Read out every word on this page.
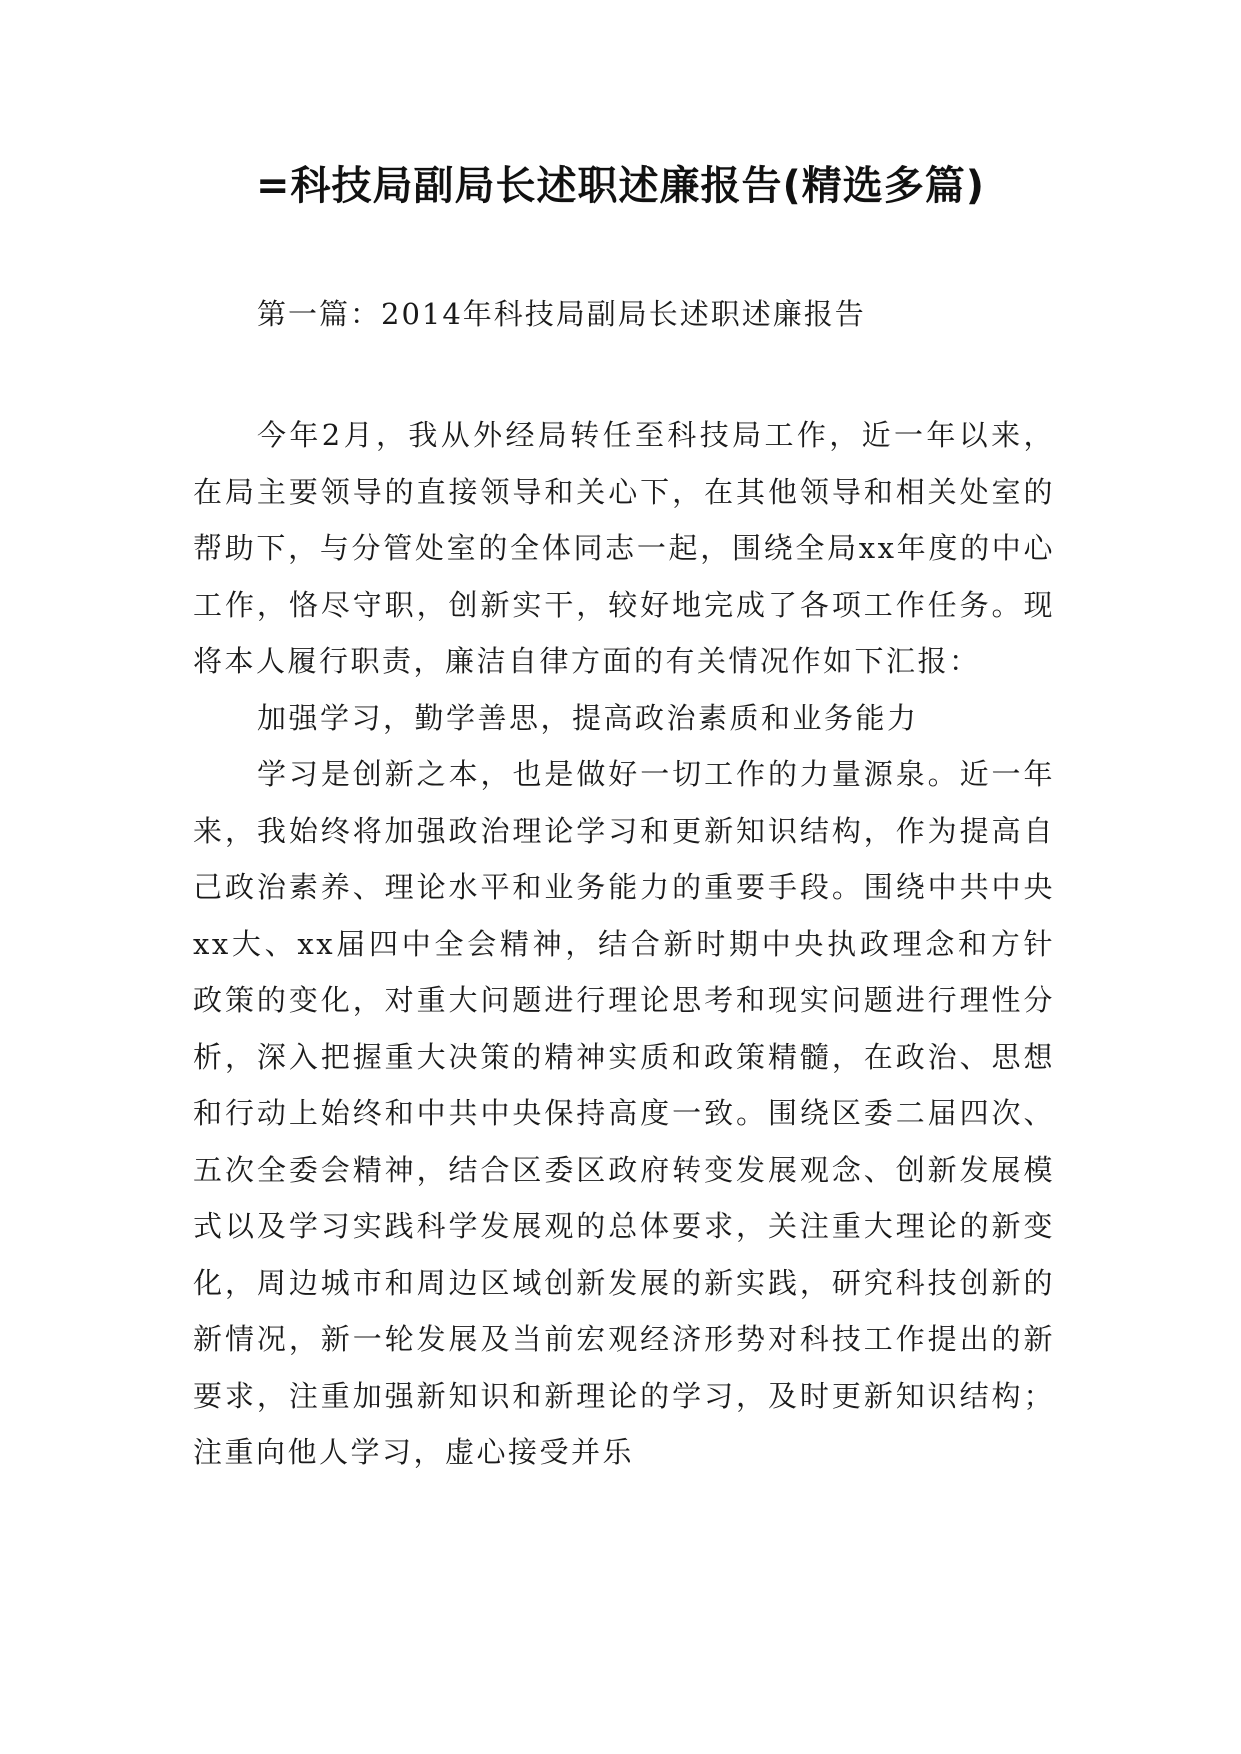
=科技局副局长述职述廉报告(精选多篇)
第一篇：2014年科技局副局长述职述廉报告

今年2月，我从外经局转任至科技局工作，近一年以来，在局主要领导的直接领导和关心下，在其他领导和相关处室的帮助下，与分管处室的全体同志一起，围绕全局xx年度的中心工作，恪尽守职，创新实干，较好地完成了各项工作任务。现将本人履行职责，廉洁自律方面的有关情况作如下汇报：

加强学习，勤学善思，提高政治素质和业务能力

学习是创新之本，也是做好一切工作的力量源泉。近一年来，我始终将加强政治理论学习和更新知识结构，作为提高自己政治素养、理论水平和业务能力的重要手段。围绕中共中央xx大、xx届四中全会精神，结合新时期中央执政理念和方针政策的变化，对重大问题进行理论思考和现实问题进行理性分析，深入把握重大决策的精神实质和政策精髓，在政治、思想和行动上始终和中共中央保持高度一致。围绕区委二届四次、五次全委会精神，结合区委区政府转变发展观念、创新发展模式以及学习实践科学发展观的总体要求，关注重大理论的新变化，周边城市和周边区域创新发展的新实践，研究科技创新的新情况，新一轮发展及当前宏观经济形势对科技工作提出的新要求，注重加强新知识和新理论的学习，及时更新知识结构；注重向他人学习，虚心接受并乐
